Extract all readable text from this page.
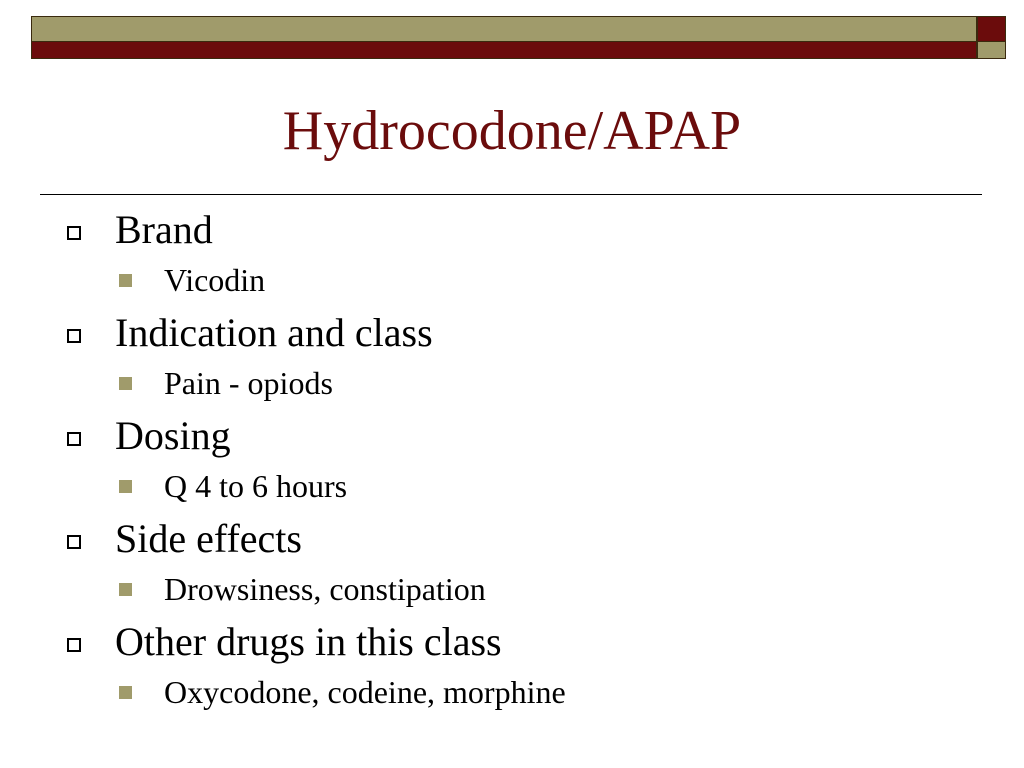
Hydrocodone/APAP
Brand
Vicodin
Indication and class
Pain - opiods
Dosing
Q 4 to 6 hours
Side effects
Drowsiness, constipation
Other drugs in this class
Oxycodone, codeine, morphine
